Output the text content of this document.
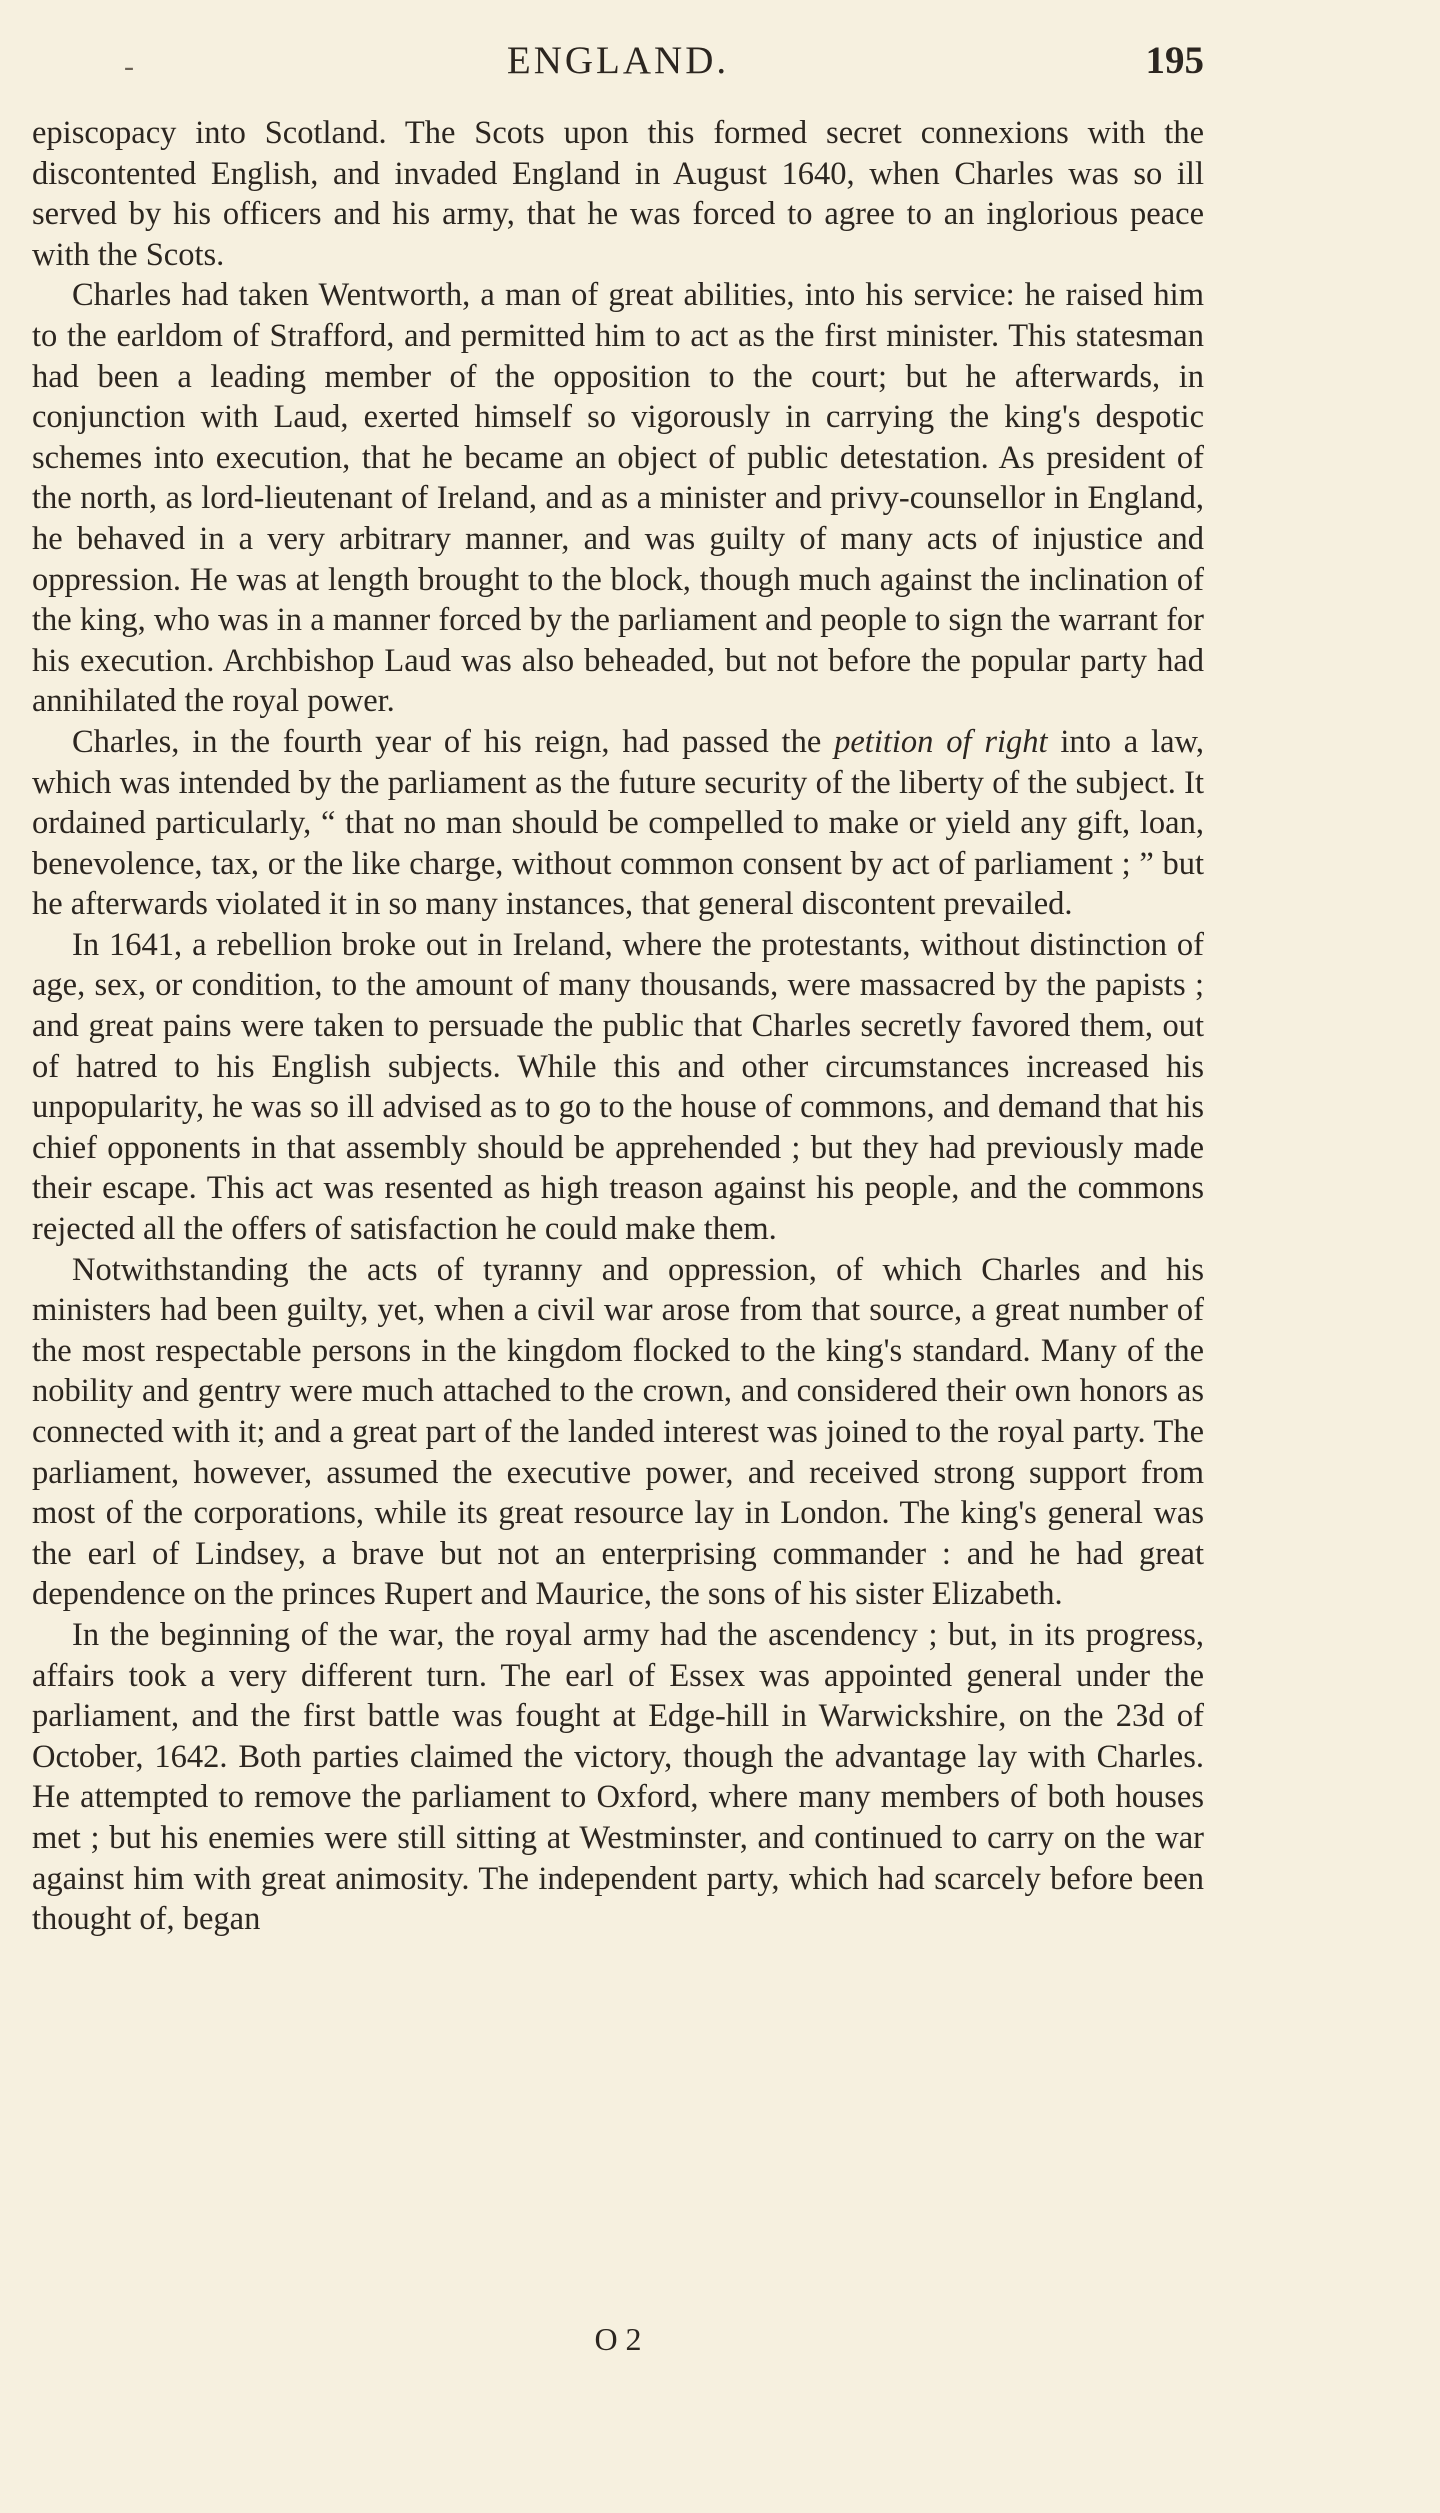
-	ENGLAND.	195

episcopacy into Scotland. The Scots upon this formed secret connexions with the discontented English, and invaded England in August 1640, when Charles was so ill served by his officers and his army, that he was forced to agree to an inglorious peace with the Scots.

Charles had taken Wentworth, a man of great abilities, into his service: he raised him to the earldom of Strafford, and permitted him to act as the first minister. This statesman had been a leading member of the opposition to the court; but he afterwards, in conjunction with Laud, exerted himself so vigorously in carrying the king's despotic schemes into execution, that he became an object of public detestation. As president of the north, as lord-lieutenant of Ireland, and as a minister and privy-counsellor in England, he behaved in a very arbitrary manner, and was guilty of many acts of injustice and oppression. He was at length brought to the block, though much against the inclination of the king, who was in a manner forced by the parliament and people to sign the warrant for his execution. Archbishop Laud was also beheaded, but not before the popular party had annihilated the royal power.

Charles, in the fourth year of his reign, had passed the petition of right into a law, which was intended by the parliament as the future security of the liberty of the subject. It ordained particularly, “ that no man should be compelled to make or yield any gift, loan, benevolence, tax, or the like charge, without common consent by act of parliament ; ” but he afterwards violated it in so many instances, that general discontent prevailed.

In 1641, a rebellion broke out in Ireland, where the protestants, without distinction of age, sex, or condition, to the amount of many thousands, were massacred by the papists ; and great pains were taken to persuade the public that Charles secretly favored them, out of hatred to his English subjects. While this and other circumstances increased his unpopularity, he was so ill advised as to go to the house of commons, and demand that his chief opponents in that assembly should be apprehended ; but they had previously made their escape. This act was resented as high treason against his people, and the commons rejected all the offers of satisfaction he could make them.

Notwithstanding the acts of tyranny and oppression, of which Charles and his ministers had been guilty, yet, when a civil war arose from that source, a great number of the most respectable persons in the kingdom flocked to the king's standard. Many of the nobility and gentry were much attached to the crown, and considered their own honors as connected with it; and a great part of the landed interest was joined to the royal party. The parliament, however, assumed the executive power, and received strong support from most of the corporations, while its great resource lay in London. The king's general was the earl of Lindsey, a brave but not an enterprising commander : and he had great dependence on the princes Rupert and Maurice, the sons of his sister Elizabeth.

In the beginning of the war, the royal army had the ascendency ; but, in its progress, affairs took a very different turn. The earl of Essex was appointed general under the parliament, and the first battle was fought at Edge-hill in Warwickshire, on the 23d of October, 1642. Both parties claimed the victory, though the advantage lay with Charles. He attempted to remove the parliament to Oxford, where many members of both houses met ; but his enemies were still sitting at Westminster, and continued to carry on the war against him with great animosity. The independent party, which had scarcely before been thought of, began

O 2
